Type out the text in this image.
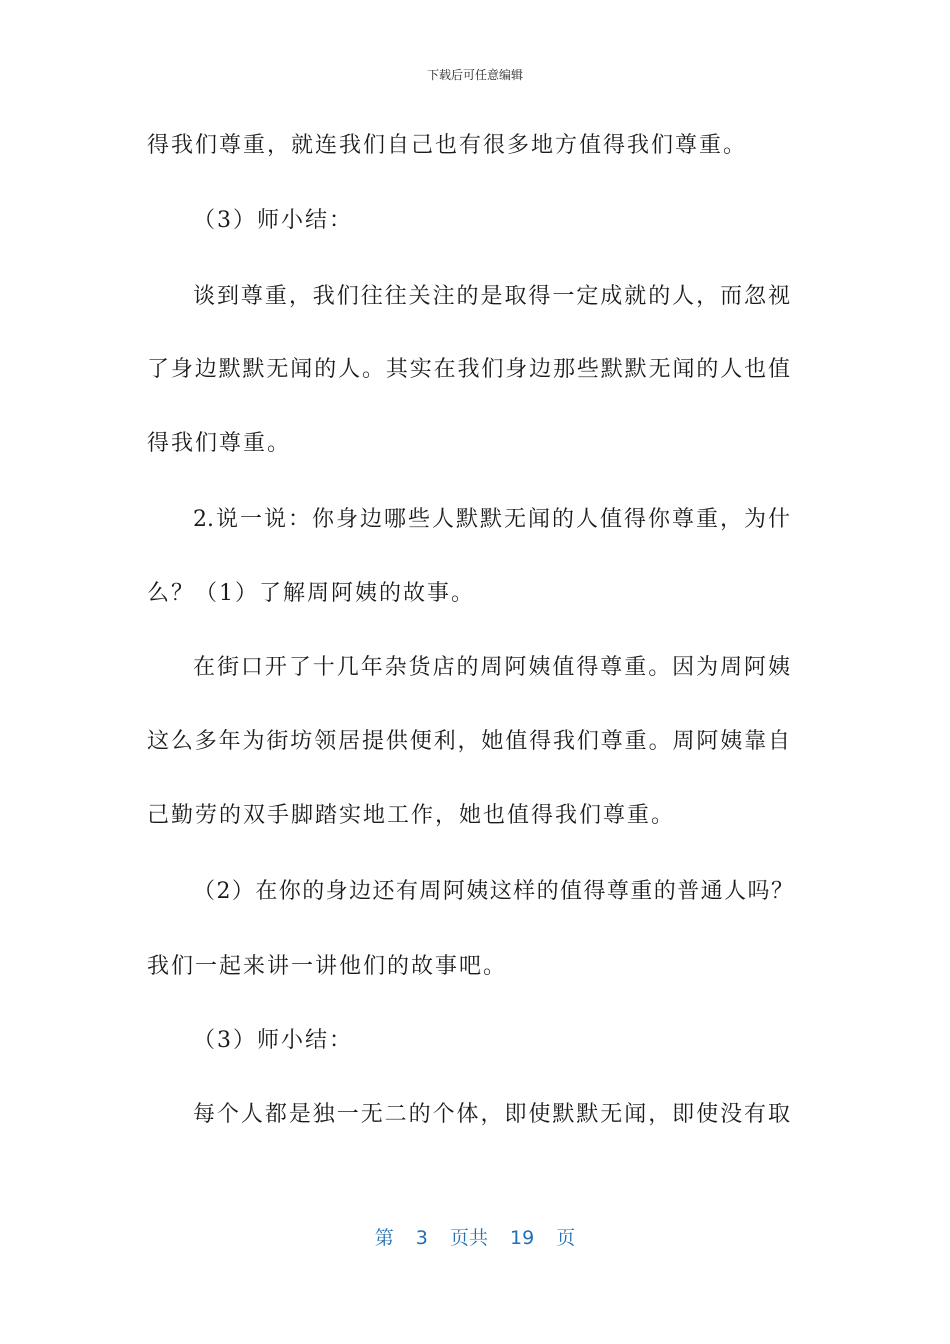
下载后可任意编辑
得我们尊重，就连我们自己也有很多地方值得我们尊重。
（3）师小结：
谈到尊重，我们往往关注的是取得一定成就的人，而忽视
了身边默默无闻的人。其实在我们身边那些默默无闻的人也值
得我们尊重。
2.说一说：你身边哪些人默默无闻的人值得你尊重，为什
么？（1）了解周阿姨的故事。
在街口开了十几年杂货店的周阿姨值得尊重。因为周阿姨
这么多年为街坊领居提供便利，她值得我们尊重。周阿姨靠自
己勤劳的双手脚踏实地工作，她也值得我们尊重。
（2）在你的身边还有周阿姨这样的值得尊重的普通人吗？
我们一起来讲一讲他们的故事吧。
（3）师小结：
每个人都是独一无二的个体，即使默默无闻，即使没有取
第 3 页共 19 页
